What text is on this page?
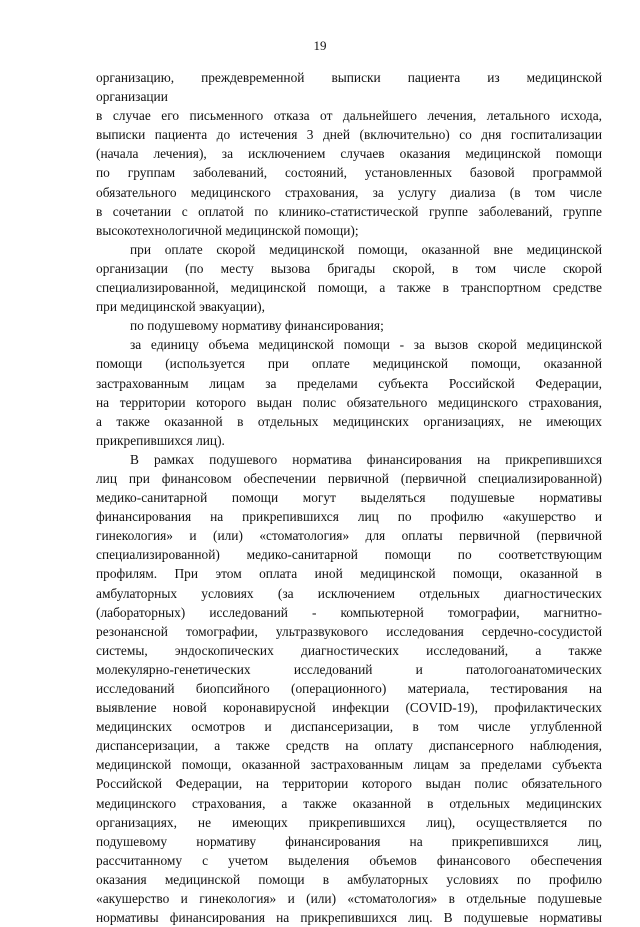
19
организацию, преждевременной выписки пациента из медицинской
организации
в случае его письменного отказа от дальнейшего лечения, летального исхода,
выписки пациента до истечения 3 дней (включительно) со дня госпитализации
(начала лечения), за исключением случаев оказания медицинской помощи
по группам заболеваний, состояний, установленных базовой программой
обязательного медицинского страхования, за услугу диализа (в том числе
в сочетании с оплатой по клинико-статистической группе заболеваний, группе
высокотехнологичной медицинской помощи);
при оплате скорой медицинской помощи, оказанной вне медицинской
организации (по месту вызова бригады скорой, в том числе скорой
специализированной, медицинской помощи, а также в транспортном средстве
при медицинской эвакуации),
по подушевому нормативу финансирования;
за единицу объема медицинской помощи - за вызов скорой медицинской
помощи (используется при оплате медицинской помощи, оказанной
застрахованным лицам за пределами субъекта Российской Федерации,
на территории которого выдан полис обязательного медицинского страхования,
а также оказанной в отдельных медицинских организациях, не имеющих
прикрепившихся лиц).
В рамках подушевого норматива финансирования на прикрепившихся
лиц при финансовом обеспечении первичной (первичной специализированной)
медико-санитарной помощи могут выделяться подушевые нормативы
финансирования на прикрепившихся лиц по профилю «акушерство и
гинекология» и (или) «стоматология» для оплаты первичной (первичной
специализированной) медико-санитарной помощи по соответствующим
профилям. При этом оплата иной медицинской помощи, оказанной в
амбулаторных условиях (за исключением отдельных диагностических
(лабораторных) исследований - компьютерной томографии, магнитно-
резонансной томографии, ультразвукового исследования сердечно-сосудистой
системы, эндоскопических диагностических исследований, а также
молекулярно-генетических исследований и патологоанатомических
исследований биопсийного (операционного) материала, тестирования на
выявление новой коронавирусной инфекции (COVID-19), профилактических
медицинских осмотров и диспансеризации, в том числе углубленной
диспансеризации, а также средств на оплату диспансерного наблюдения,
медицинской помощи, оказанной застрахованным лицам за пределами субъекта
Российской Федерации, на территории которого выдан полис обязательного
медицинского страхования, а также оказанной в отдельных медицинских
организациях, не имеющих прикрепившихся лиц), осуществляется по
подушевому нормативу финансирования на прикрепившихся лиц,
рассчитанному с учетом выделения объемов финансового обеспечения
оказания медицинской помощи в амбулаторных условиях по профилю
«акушерство и гинекология» и (или) «стоматология» в отдельные подушевые
нормативы финансирования на прикрепившихся лиц. В подушевые нормативы
